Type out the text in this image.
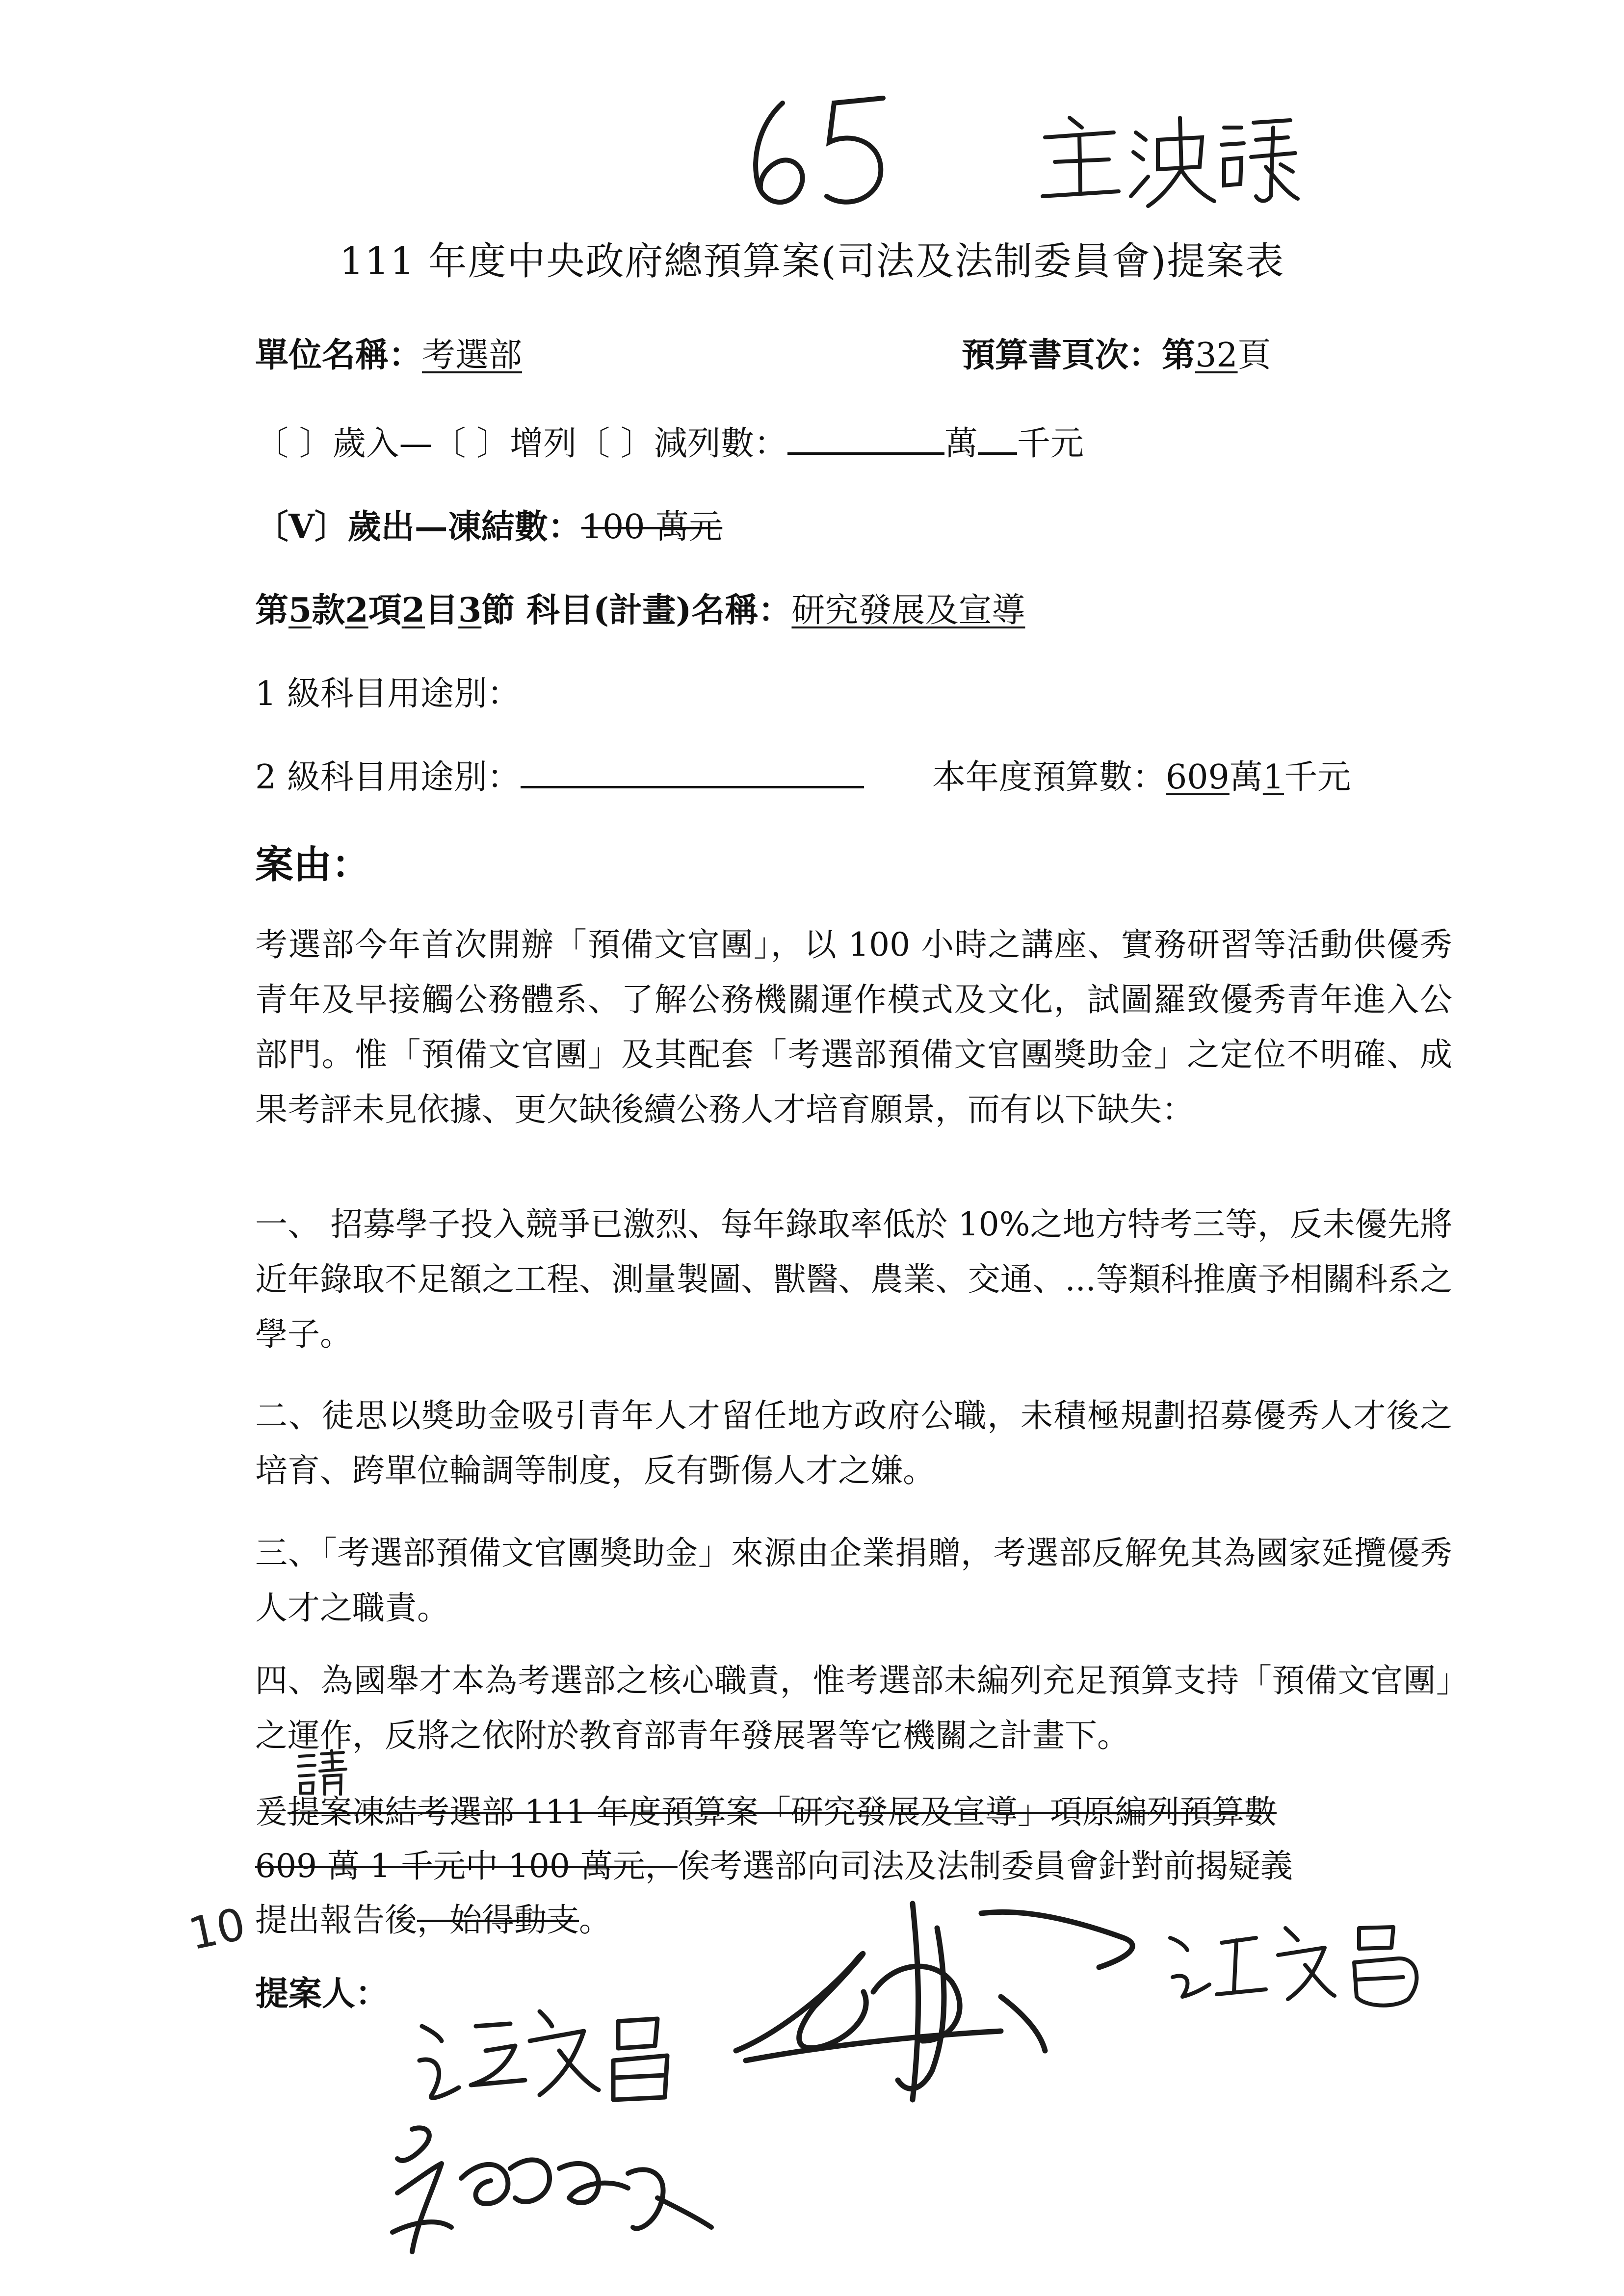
111 年度中央政府總預算案(司法及法制委員會)提案表
單位名稱：考選部	預算書頁次：第32頁
〔 〕歲入—〔 〕增列〔 〕減列數：	萬 千元
〔V〕歲出—凍結數：100 萬元
第5款2項2目3節 科目(計畫)名稱：研究發展及宣導
1 級科目用途別：
2 級科目用途別：	本年度預算數：609萬1千元
案由：
考選部今年首次開辦「預備文官團」，以 100 小時之講座、實務研習等活動供優秀青年及早接觸公務體系、了解公務機關運作模式及文化，試圖羅致優秀青年進入公部門。惟「預備文官團」及其配套「考選部預備文官團獎助金」之定位不明確、成果考評未見依據、更欠缺後續公務人才培育願景，而有以下缺失：
一、 招募學子投入競爭已激烈、每年錄取率低於 10%之地方特考三等，反未優先將近年錄取不足額之工程、測量製圖、獸醫、農業、交通、...等類科推廣予相關科系之學子。
二、徒思以獎助金吸引青年人才留任地方政府公職，未積極規劃招募優秀人才後之培育、跨單位輪調等制度，反有斲傷人才之嫌。
三、「考選部預備文官團獎助金」來源由企業捐贈，考選部反解免其為國家延攬優秀人才之職責。
四、為國舉才本為考選部之核心職責，惟考選部未編列充足預算支持「預備文官團」之運作，反將之依附於教育部青年發展署等它機關之計畫下。
爰提案凍結考選部 111 年度預算案「研究發展及宣導」項原編列預算數
609 萬 1 千元中 100 萬元，俟考選部向司法及法制委員會針對前揭疑義
提出報告後，始得動支。
10
提案人：
